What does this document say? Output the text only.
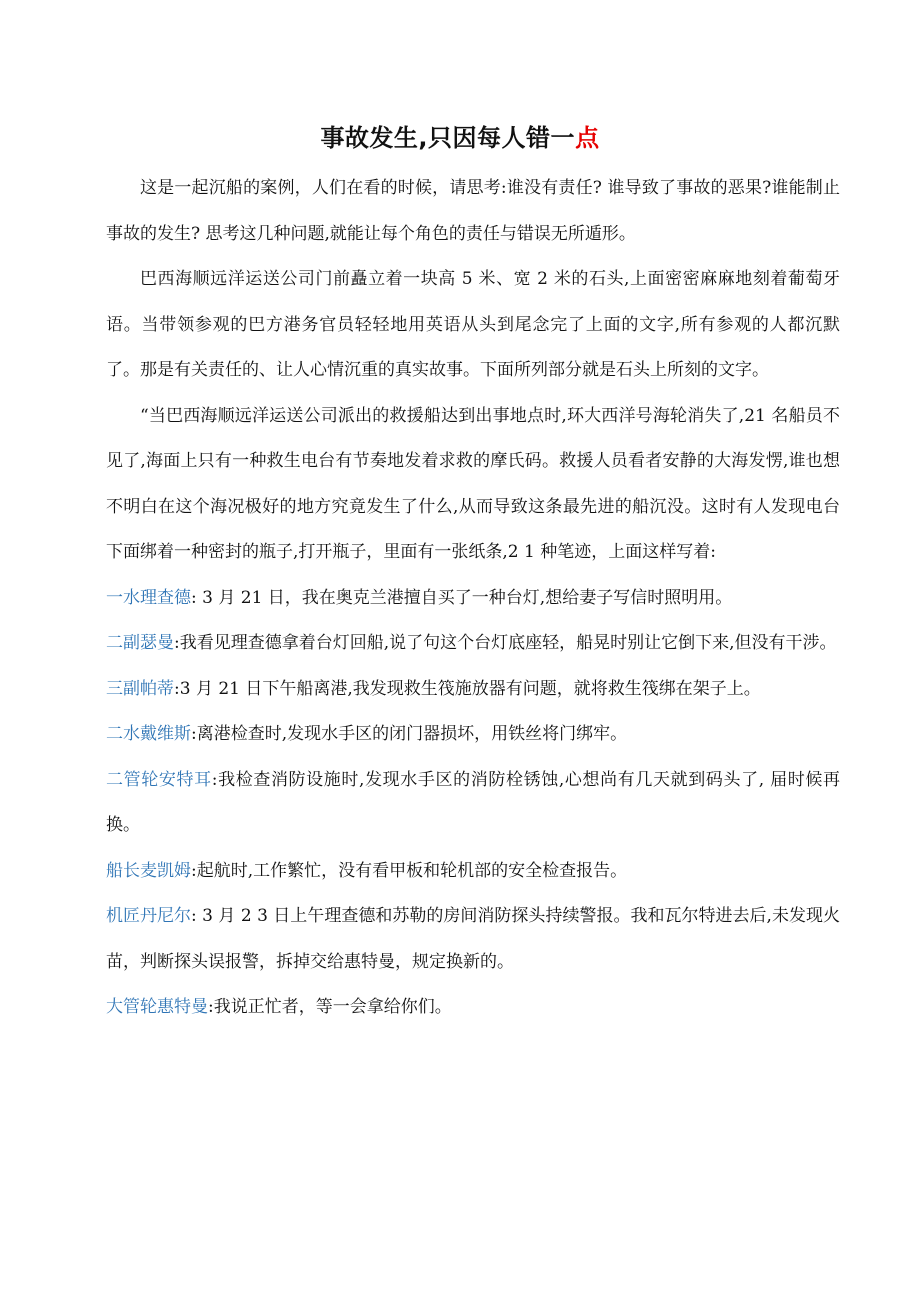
事故发生,只因每人错一点

这是一起沉船的案例，人们在看的时候，请思考:谁没有责任? 谁导致了事故的恶果?谁能制止事故的发生? 思考这几种问题,就能让每个角色的责任与错误无所遁形。

巴西海顺远洋运送公司门前矗立着一块高 5 米、宽 2 米的石头,上面密密麻麻地刻着葡萄牙语。当带领参观的巴方港务官员轻轻地用英语从头到尾念完了上面的文字,所有参观的人都沉默了。那是有关责任的、让人心情沉重的真实故事。下面所列部分就是石头上所刻的文字。

“当巴西海顺远洋运送公司派出的救援船达到出事地点时,环大西洋号海轮消失了,21 名船员不见了,海面上只有一种救生电台有节奏地发着求救的摩氏码。救援人员看者安静的大海发愣,谁也想不明白在这个海况极好的地方究竟发生了什么,从而导致这条最先进的船沉没。这时有人发现电台下面绑着一种密封的瓶子,打开瓶子，里面有一张纸条,2 1 种笔迹，上面这样写着:

一水理查德: 3 月 21 日，我在奥克兰港擅自买了一种台灯,想给妻子写信时照明用。

二副瑟曼:我看见理查德拿着台灯回船,说了句这个台灯底座轻，船晃时别让它倒下来,但没有干涉。

三副帕蒂:3 月 21 日下午船离港,我发现救生筏施放器有问题，就将救生筏绑在架子上。

二水戴维斯:离港检查时,发现水手区的闭门器损坏，用铁丝将门绑牢。

二管轮安特耳:我检查消防设施时,发现水手区的消防栓锈蚀,心想尚有几天就到码头了, 届时候再换。

船长麦凯姆:起航时,工作繁忙，没有看甲板和轮机部的安全检查报告。

机匠丹尼尔: 3 月 2 3 日上午理查德和苏勒的房间消防探头持续警报。我和瓦尔特进去后,未发现火苗，判断探头误报警，拆掉交给惠特曼，规定换新的。

大管轮惠特曼:我说正忙者，等一会拿给你们。
